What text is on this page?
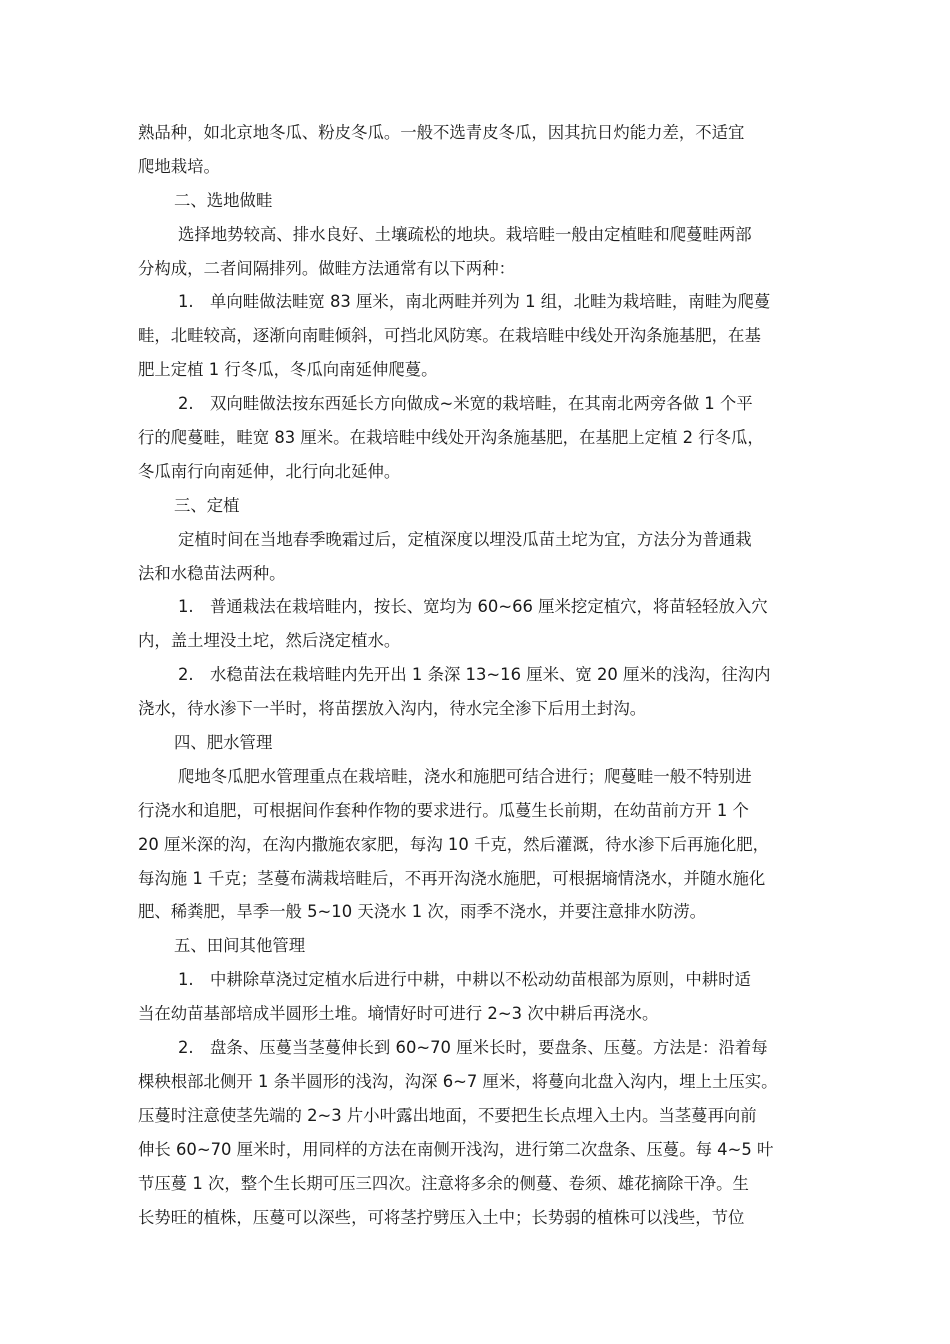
熟品种，如北京地冬瓜、粉皮冬瓜。一般不选青皮冬瓜，因其抗日灼能力差，不适宜
爬地栽培。
二、选地做畦
选择地势较高、排水良好、土壤疏松的地块。栽培畦一般由定植畦和爬蔓畦两部
分构成，二者间隔排列。做畦方法通常有以下两种：
1.　单向畦做法畦宽 83 厘米，南北两畦并列为 1 组，北畦为栽培畦，南畦为爬蔓
畦，北畦较高，逐渐向南畦倾斜，可挡北风防寒。在栽培畦中线处开沟条施基肥，在基
肥上定植 1 行冬瓜，冬瓜向南延伸爬蔓。
2.　双向畦做法按东西延长方向做成~米宽的栽培畦，在其南北两旁各做 1 个平
行的爬蔓畦，畦宽 83 厘米。在栽培畦中线处开沟条施基肥，在基肥上定植 2 行冬瓜，
冬瓜南行向南延伸，北行向北延伸。
三、定植
定植时间在当地春季晚霜过后，定植深度以埋没瓜苗土坨为宜，方法分为普通栽
法和水稳苗法两种。
1.　普通栽法在栽培畦内，按长、宽均为 60~66 厘米挖定植穴，将苗轻轻放入穴
内，盖土埋没土坨，然后浇定植水。
2.　水稳苗法在栽培畦内先开出 1 条深 13~16 厘米、宽 20 厘米的浅沟，往沟内
浇水，待水渗下一半时，将苗摆放入沟内，待水完全渗下后用土封沟。
四、肥水管理
爬地冬瓜肥水管理重点在栽培畦，浇水和施肥可结合进行；爬蔓畦一般不特别进
行浇水和追肥，可根据间作套种作物的要求进行。瓜蔓生长前期，在幼苗前方开 1 个
20 厘米深的沟，在沟内撒施农家肥，每沟 10 千克，然后灌溉，待水渗下后再施化肥，
每沟施 1 千克；茎蔓布满栽培畦后，不再开沟浇水施肥，可根据墒情浇水，并随水施化
肥、稀粪肥，旱季一般 5~10 天浇水 1 次，雨季不浇水，并要注意排水防涝。
五、田间其他管理
1.　中耕除草浇过定植水后进行中耕，中耕以不松动幼苗根部为原则，中耕时适
当在幼苗基部培成半圆形土堆。墒情好时可进行 2~3 次中耕后再浇水。
2.　盘条、压蔓当茎蔓伸长到 60~70 厘米长时，要盘条、压蔓。方法是：沿着每
棵秧根部北侧开 1 条半圆形的浅沟，沟深 6~7 厘米，将蔓向北盘入沟内，埋上土压实。
压蔓时注意使茎先端的 2~3 片小叶露出地面，不要把生长点埋入土内。当茎蔓再向前
伸长 60~70 厘米时，用同样的方法在南侧开浅沟，进行第二次盘条、压蔓。每 4~5 叶
节压蔓 1 次，整个生长期可压三四次。注意将多余的侧蔓、卷须、雄花摘除干净。生
长势旺的植株，压蔓可以深些，可将茎拧劈压入土中；长势弱的植株可以浅些，节位
